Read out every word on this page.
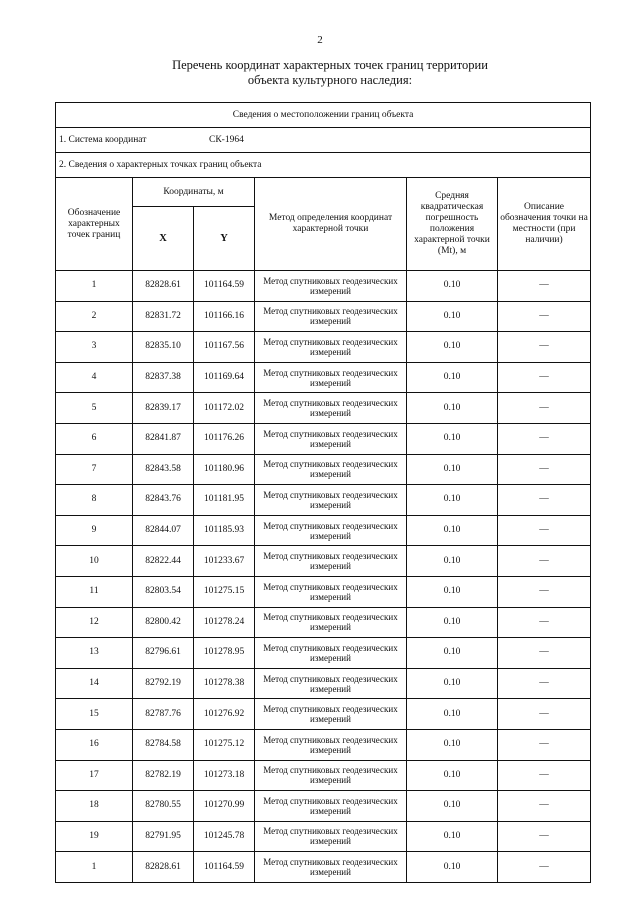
2
Перечень координат характерных точек границ территории
объекта культурного наследия:
Сведения о местоположении границ объекта					
1. Система координат СК-1964					
2. Сведения о характерных точках границ объекта					
Обозначение характерных точек границ	Координаты, м		Метод определения координат характерной точки	Средняя квадратическая погрешность положения характерной точки (Mt), м	Описание обозначения точки на местности (при наличии)
	X	Y			
1	82828.61	101164.59	Метод спутниковых геодезических измерений	0.10	—
2	82831.72	101166.16	Метод спутниковых геодезических измерений	0.10	—
3	82835.10	101167.56	Метод спутниковых геодезических измерений	0.10	—
4	82837.38	101169.64	Метод спутниковых геодезических измерений	0.10	—
5	82839.17	101172.02	Метод спутниковых геодезических измерений	0.10	—
6	82841.87	101176.26	Метод спутниковых геодезических измерений	0.10	—
7	82843.58	101180.96	Метод спутниковых геодезических измерений	0.10	—
8	82843.76	101181.95	Метод спутниковых геодезических измерений	0.10	—
9	82844.07	101185.93	Метод спутниковых геодезических измерений	0.10	—
10	82822.44	101233.67	Метод спутниковых геодезических измерений	0.10	—
11	82803.54	101275.15	Метод спутниковых геодезических измерений	0.10	—
12	82800.42	101278.24	Метод спутниковых геодезических измерений	0.10	—
13	82796.61	101278.95	Метод спутниковых геодезических измерений	0.10	—
14	82792.19	101278.38	Метод спутниковых геодезических измерений	0.10	—
15	82787.76	101276.92	Метод спутниковых геодезических измерений	0.10	—
16	82784.58	101275.12	Метод спутниковых геодезических измерений	0.10	—
17	82782.19	101273.18	Метод спутниковых геодезических измерений	0.10	—
18	82780.55	101270.99	Метод спутниковых геодезических измерений	0.10	—
19	82791.95	101245.78	Метод спутниковых геодезических измерений	0.10	—
1	82828.61	101164.59	Метод спутниковых геодезических измерений	0.10	—
